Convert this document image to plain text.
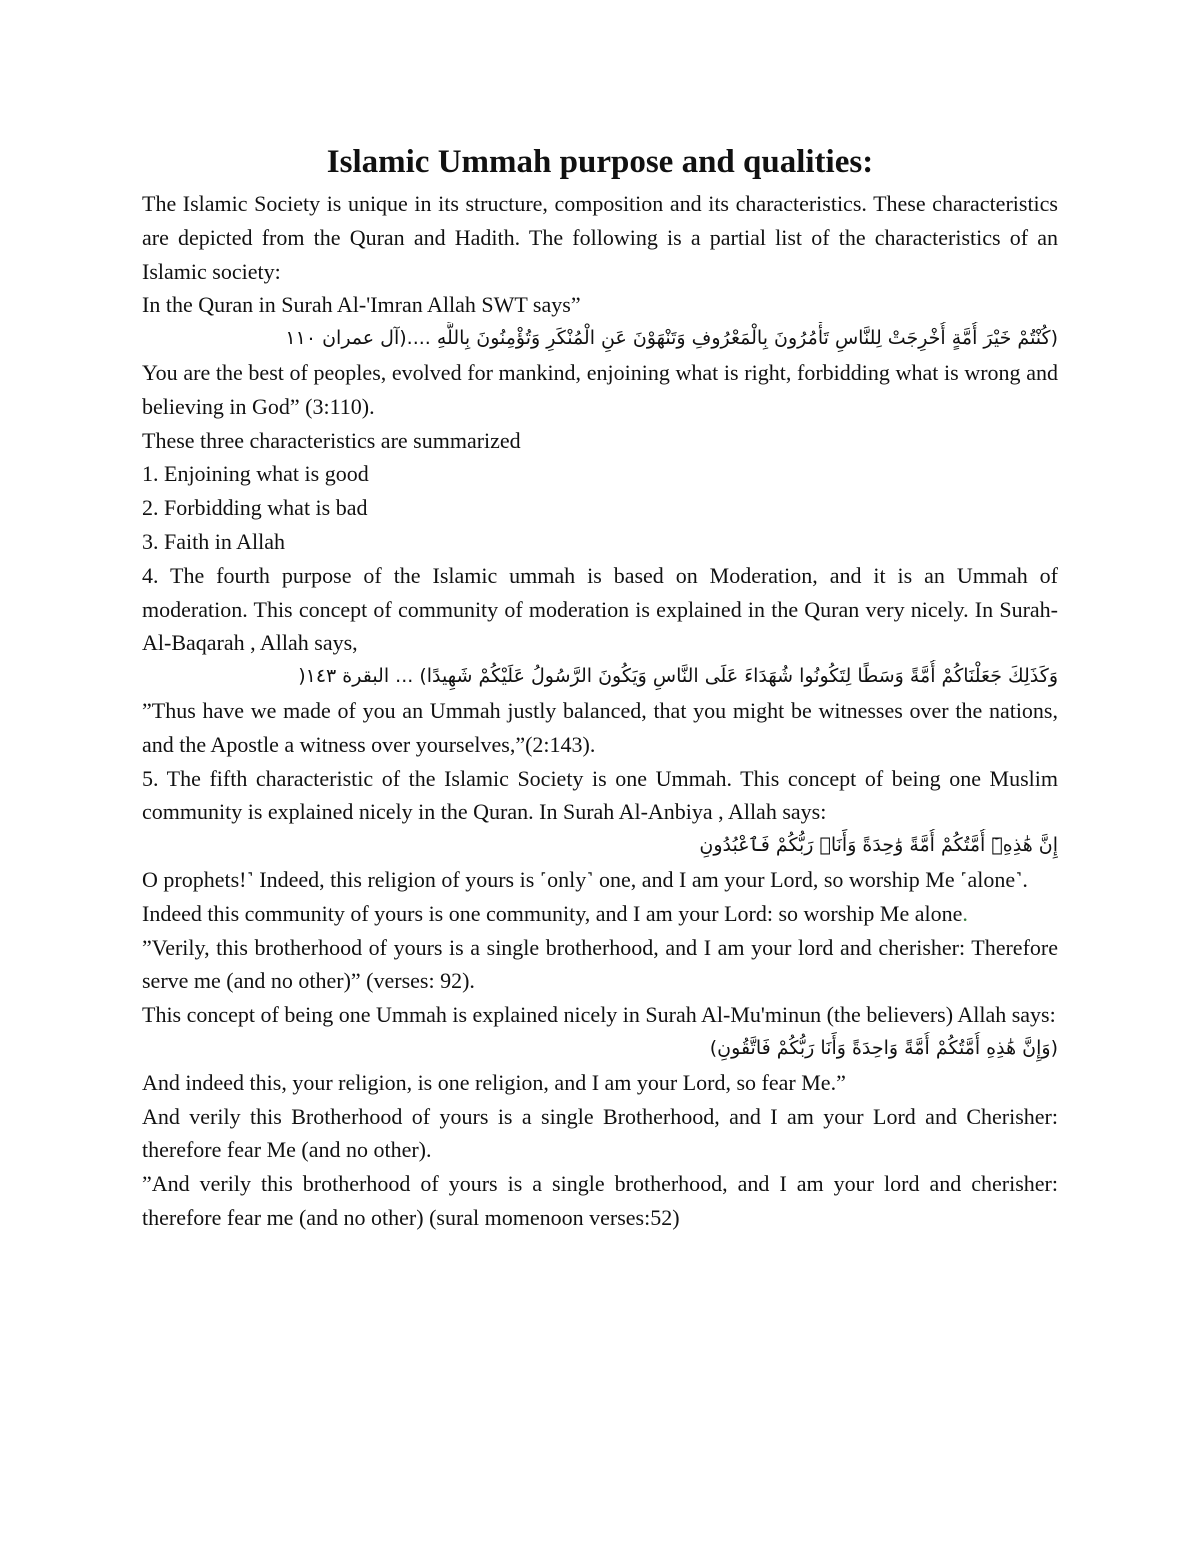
Islamic Ummah purpose and qualities:

The Islamic Society is unique in its structure, composition and its characteristics. These characteristics are depicted from the Quran and Hadith. The following is a partial list of the characteristics of an Islamic society:

In the Quran in Surah Al-'Imran Allah SWT says”

(كُنْتُمْ خَيْرَ أُمَّةٍ أُخْرِجَتْ لِلنَّاسِ تَأْمُرُونَ بِالْمَعْرُوفِ وَتَنْهَوْنَ عَنِ الْمُنْكَرِ وَتُؤْمِنُونَ بِاللَّهِ ....(آل عمران ١١٠

You are the best of peoples, evolved for mankind, enjoining what is right, forbidding what is wrong and believing in God” (3:110).

These three characteristics are summarized

1. Enjoining what is good

2. Forbidding what is bad

3. Faith in Allah

4. The fourth purpose of the Islamic ummah is based on Moderation, and it is an Ummah of moderation. This concept of community of moderation is explained in the Quran very nicely. In Surah-Al-Baqarah , Allah says,

وَكَذَلِكَ جَعَلْنَاكُمْ أُمَّةً وَسَطًا لِتَكُونُوا شُهَدَاءَ عَلَى النَّاسِ وَيَكُونَ الرَّسُولُ عَلَيْكُمْ شَهِيدًا) ... البقرة ١٤٣(

”Thus have we made of you an Ummah justly balanced, that you might be witnesses over the nations, and the Apostle a witness over yourselves,”(2:143).

5. The fifth characteristic of the Islamic Society is one Ummah. This concept of being one Muslim community is explained nicely in the Quran. In Surah Al-Anbiya , Allah says:

إِنَّ هَٰذِهِۦٓ أُمَّتُكُمْ أُمَّةً وَٰحِدَةً وَأَنَا۠ رَبُّكُمْ فَٱعْبُدُونِ

O prophets!˺ Indeed, this religion of yours is ˹only˺ one, and I am your Lord, so worship Me ˹alone˺.

Indeed this community of yours is one community, and I am your Lord: so worship Me alone.

”Verily, this brotherhood of yours is a single brotherhood, and I am your lord and cherisher: Therefore serve me (and no other)” (verses: 92).

This concept of being one Ummah is explained nicely in Surah Al-Mu'minun (the believers) Allah says:

(وَإِنَّ هَٰذِهِ أُمَّتُكُمْ أُمَّةً وَاحِدَةً وَأَنَا رَبُّكُمْ فَاتَّقُونِ)

And indeed this, your religion, is one religion, and I am your Lord, so fear Me.”

And verily this Brotherhood of yours is a single Brotherhood, and I am your Lord and Cherisher: therefore fear Me (and no other).

”And verily this brotherhood of yours is a single brotherhood, and I am your lord and cherisher: therefore fear me (and no other) (sural momenoon verses:52)
